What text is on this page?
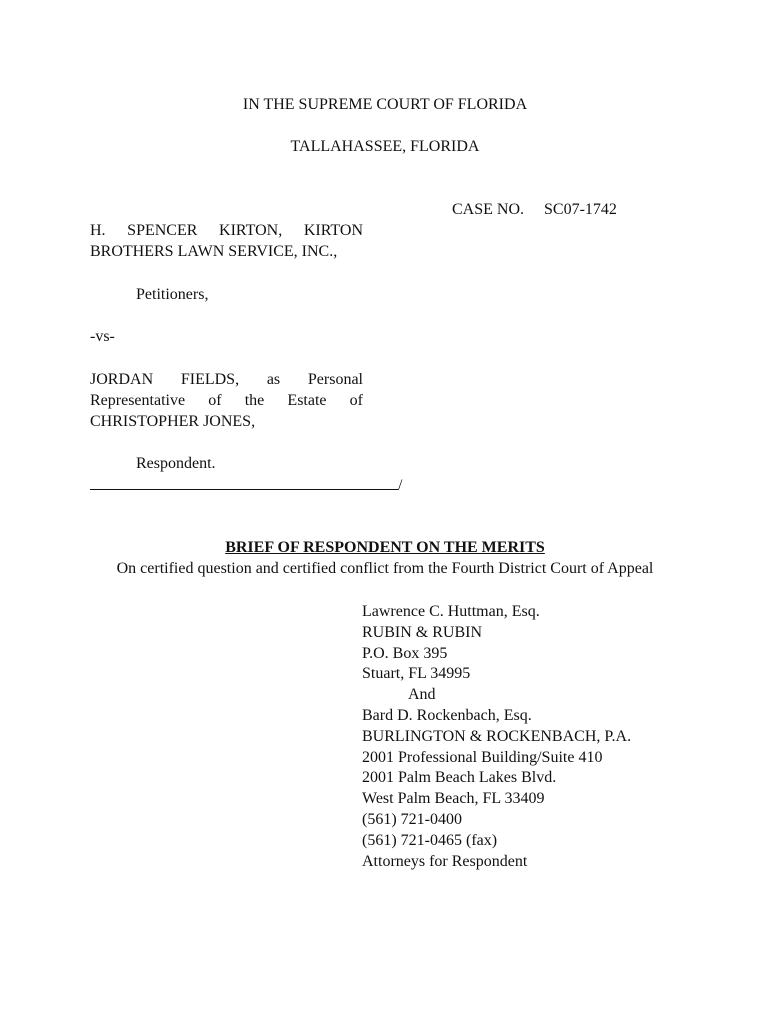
IN THE SUPREME COURT OF FLORIDA
TALLAHASSEE, FLORIDA
CASE NO. SC07-1742
H. SPENCER KIRTON, KIRTON BROTHERS LAWN SERVICE, INC.,
Petitioners,
-vs-
JORDAN FIELDS, as Personal Representative of the Estate of CHRISTOPHER JONES,
Respondent.
/
BRIEF OF RESPONDENT ON THE MERITS
On certified question and certified conflict from the Fourth District Court of Appeal
Lawrence C. Huttman, Esq.
RUBIN & RUBIN
P.O. Box 395
Stuart, FL 34995
And
Bard D. Rockenbach, Esq.
BURLINGTON & ROCKENBACH, P.A.
2001 Professional Building/Suite 410
2001 Palm Beach Lakes Blvd.
West Palm Beach, FL 33409
(561) 721-0400
(561) 721-0465 (fax)
Attorneys for Respondent
